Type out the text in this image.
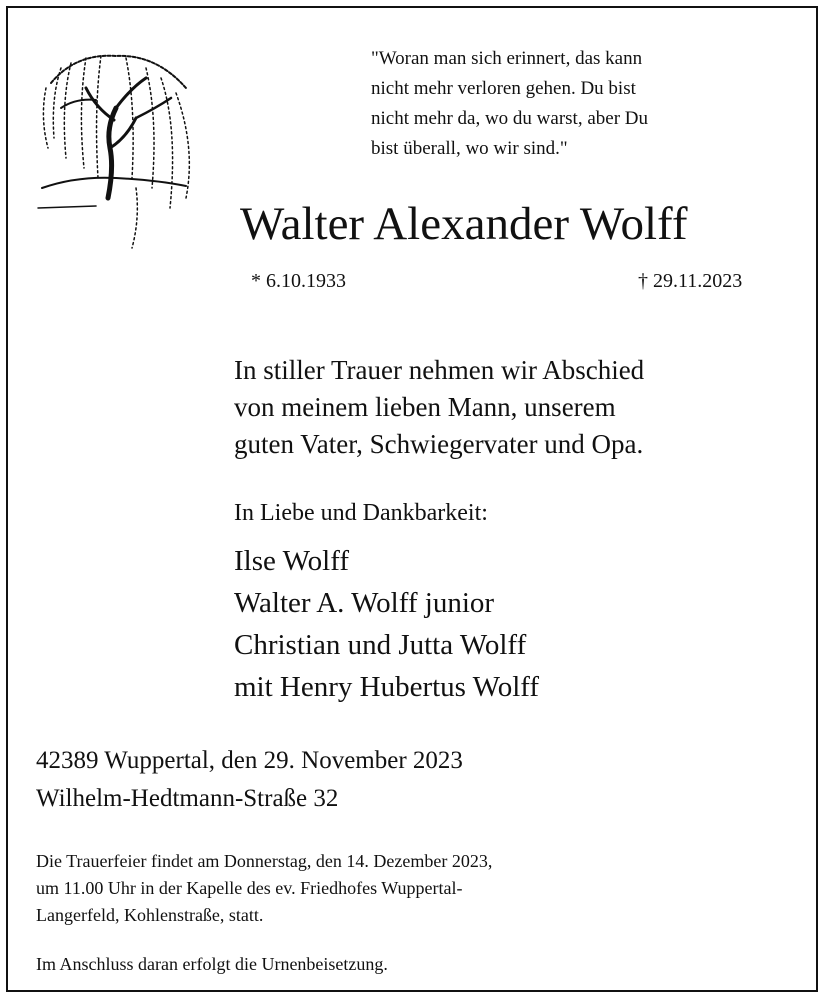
"Woran man sich erinnert, das kann
nicht mehr verloren gehen. Du bist
nicht mehr da, wo du warst, aber Du
bist überall, wo wir sind."
Walter Alexander Wolff
* 6.10.1933	† 29.11.2023
In stiller Trauer nehmen wir Abschied
von meinem lieben Mann, unserem
guten Vater, Schwiegervater und Opa.
In Liebe und Dankbarkeit:
Ilse Wolff
Walter A. Wolff junior
Christian und Jutta Wolff
mit Henry Hubertus Wolff
42389 Wuppertal, den 29. November 2023
Wilhelm-Hedtmann-Straße 32
Die Trauerfeier findet am Donnerstag, den 14. Dezember 2023,
um 11.00 Uhr in der Kapelle des ev. Friedhofes Wuppertal-
Langerfeld, Kohlenstraße, statt.
Im Anschluss daran erfolgt die Urnenbeisetzung.
